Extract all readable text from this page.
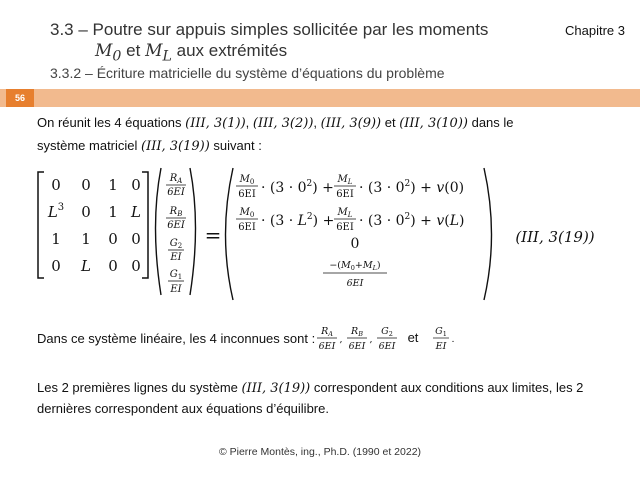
3.3 – Poutre sur appuis simples sollicitée par les moments
$M_0$ et $M_L$ aux extrémités
3.3.2 – Écriture matricielle du système d’équations du problème
Chapitre 3
56
On réunit les 4 équations (III, 3(1)), (III, 3(2)), (III, 3(9)) et (III, 3(10)) dans le
système matriciel (III, 3(19)) suivant :
0 0 1 0
$L^3$ 0 1 L
1 1 0 0
0 L 0 0
$R_A$
6EI
$R_B$
6EI
$G_2$
EI
$G_1$
EI
=
$M_0$
6EI
$M_L$
6EI
· $(3 \cdot 0^2)$ + · $(3 \cdot 0^2) + v(0)$
$M_0$
6EI
$M_L$
6EI
· $(3 \cdot L^2)$ + · $(3 \cdot 0^2) + v(L)$
0
$-(M_0+M_L)$
6EI
(III, 3(19))
Dans ce système linéaire, les 4 inconnues sont : $R_A$
6EI
,
$R_B$
6EI
,
$G_2$
6EI
et $G_1$
EI
.
Les 2 premières lignes du système (III, 3(19)) correspondent aux conditions aux limites, les 2
dernières correspondent aux équations d’équilibre.
© Pierre Montès, ing., Ph.D. (1990 et 2022)
